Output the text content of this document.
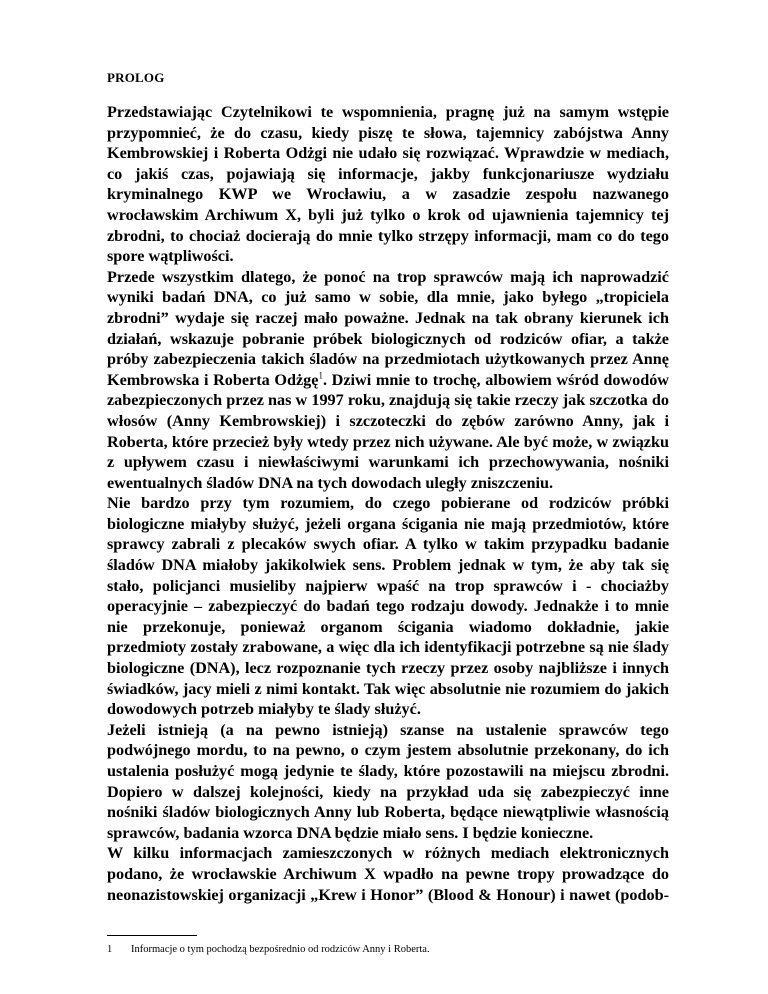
PROLOG

Przedstawiając Czytelnikowi te wspomnienia, pragnę już na samym wstępie przypomnieć, że do czasu, kiedy piszę te słowa, tajemnicy zabójstwa Anny Kembrowskiej i Roberta Odżgi nie udało się rozwiązać. Wprawdzie w mediach, co jakiś czas, pojawiają się informacje, jakby funkcjonariusze wydziału kryminalnego KWP we Wrocławiu, a w zasadzie zespołu nazwanego wrocławskim Archiwum X, byli już tylko o krok od ujawnienia tajemnicy tej zbrodni, to chociaż docierają do mnie tylko strzępy informacji, mam co do tego spore wątpliwości.

Przede wszystkim dlatego, że ponoć na trop sprawców mają ich naprowadzić wyniki badań DNA, co już samo w sobie, dla mnie, jako byłego „tropiciela zbrodni” wydaje się raczej mało poważne. Jednak na tak obrany kierunek ich działań, wskazuje pobranie próbek biologicznych od rodziców ofiar, a także próby zabezpieczenia takich śladów na przedmiotach użytkowanych przez Annę Kembrowska i Roberta Odżgę$^1$. Dziwi mnie to trochę, albowiem wśród dowodów zabezpieczonych przez nas w 1997 roku, znajdują się takie rzeczy jak szczotka do włosów (Anny Kembrowskiej) i szczoteczki do zębów zarówno Anny, jak i Roberta, które przecież były wtedy przez nich używane. Ale być może, w związku z upływem czasu i niewłaściwymi warunkami ich przechowywania, nośniki ewentualnych śladów DNA na tych dowodach uległy zniszczeniu.

Nie bardzo przy tym rozumiem, do czego pobierane od rodziców próbki biologiczne miałyby służyć, jeżeli organa ścigania nie mają przedmiotów, które sprawcy zabrali z plecaków swych ofiar. A tylko w takim przypadku badanie śladów DNA miałoby jakikolwiek sens. Problem jednak w tym, że aby tak się stało, policjanci musieliby najpierw wpaść na trop sprawców i - chociażby operacyjnie – zabezpieczyć do badań tego rodzaju dowody. Jednakże i to mnie nie przekonuje, ponieważ organom ścigania wiadomo dokładnie, jakie przedmioty zostały zrabowane, a więc dla ich identyfikacji potrzebne są nie ślady biologiczne (DNA), lecz rozpoznanie tych rzeczy przez osoby najbliższe i innych świadków, jacy mieli z nimi kontakt. Tak więc absolutnie nie rozumiem do jakich dowodowych potrzeb miałyby te ślady służyć.

Jeżeli istnieją (a na pewno istnieją) szanse na ustalenie sprawców tego podwójnego mordu, to na pewno, o czym jestem absolutnie przekonany, do ich ustalenia posłużyć mogą jedynie te ślady, które pozostawili na miejscu zbrodni. Dopiero w dalszej kolejności, kiedy na przykład uda się zabezpieczyć inne nośniki śladów biologicznych Anny lub Roberta, będące niewątpliwie własnością sprawców, badania wzorca DNA będzie miało sens. I będzie konieczne.

W kilku informacjach zamieszczonych w różnych mediach elektronicznych podano, że wrocławskie Archiwum X wpadło na pewne tropy prowadzące do neonazistowskiej organizacji „Krew i Honor” (Blood & Honour) i nawet (podob-

1 Informacje o tym pochodzą bezpośrednio od rodziców Anny i Roberta.
